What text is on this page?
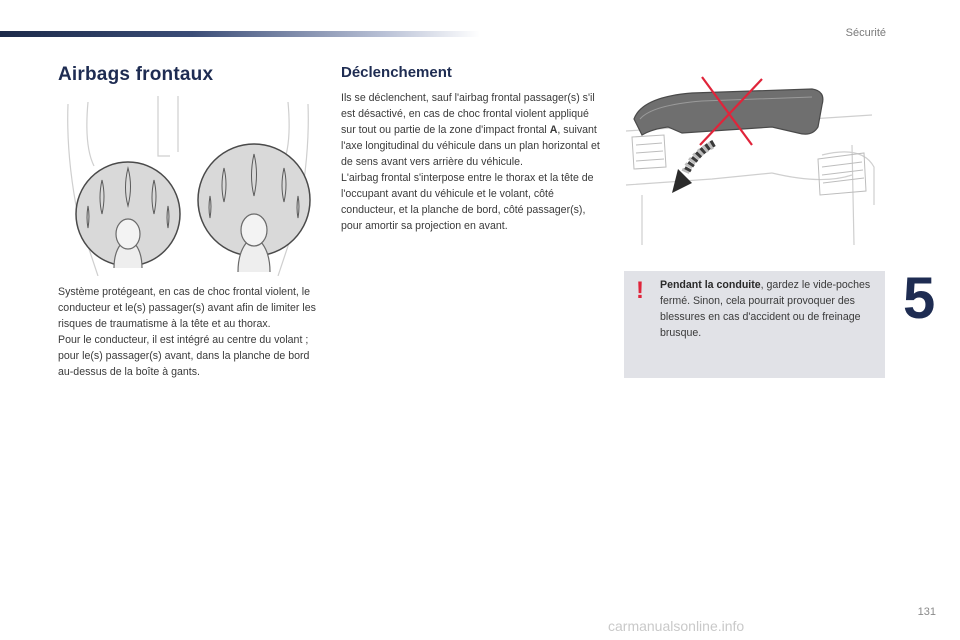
Sécurité
5
Airbags frontaux

Système protégeant, en cas de choc frontal violent, le conducteur et le(s) passager(s) avant afin de limiter les risques de traumatisme à la tête et au thorax.

Pour le conducteur, il est intégré au centre du volant ; pour le(s) passager(s) avant, dans la planche de bord au-dessus de la boîte à gants.

Déclenchement

Ils se déclenchent, sauf l'airbag frontal passager(s) s'il est désactivé, en cas de choc frontal violent appliqué sur tout ou partie de la zone d'impact frontal A, suivant l'axe longitudinal du véhicule dans un plan horizontal et de sens avant vers arrière du véhicule.

L'airbag frontal s'interpose entre le thorax et la tête de l'occupant avant du véhicule et le volant, côté conducteur, et la planche de bord, côté passager(s), pour amortir sa projection en avant.

! Pendant la conduite, gardez le vide-poches fermé. Sinon, cela pourrait provoquer des blessures en cas d'accident ou de freinage brusque.
131
carmanualsonline.info
